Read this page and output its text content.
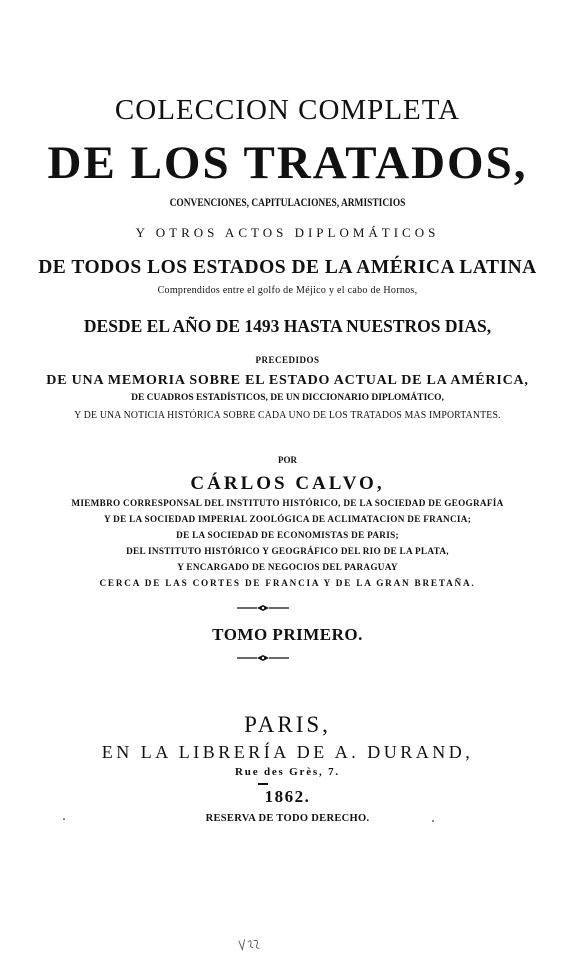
COLECCION COMPLETA
DE LOS TRATADOS,
CONVENCIONES, CAPITULACIONES, ARMISTICIOS
Y OTROS ACTOS DIPLOMÁTICOS
DE TODOS LOS ESTADOS DE LA AMÉRICA LATINA
Comprendidos entre el golfo de Méjico y el cabo de Hornos,
DESDE EL AÑO DE 1493 HASTA NUESTROS DIAS,
PRECEDIDOS
DE UNA MEMORIA SOBRE EL ESTADO ACTUAL DE LA AMÉRICA,
DE CUADROS ESTADÍSTICOS, DE UN DICCIONARIO DIPLOMÁTICO,
Y DE UNA NOTICIA HISTÓRICA SOBRE CADA UNO DE LOS TRATADOS MAS IMPORTANTES.
POR
CÁRLOS CALVO,
MIEMBRO CORRESPONSAL DEL INSTITUTO HISTÓRICO, DE LA SOCIEDAD DE GEOGRAFÍA
Y DE LA SOCIEDAD IMPERIAL ZOOLÓGICA DE ACLIMATACION DE FRANCIA;
DE LA SOCIEDAD DE ECONOMISTAS DE PARIS;
DEL INSTITUTO HISTÓRICO Y GEOGRÁFICO DEL RIO DE LA PLATA,
Y ENCARGADO DE NEGOCIOS DEL PARAGUAY
CERCA DE LAS CORTES DE FRANCIA Y DE LA GRAN BRETAÑA.
TOMO PRIMERO.
PARIS,
EN LA LIBRERÍA DE A. DURAND,
Rue des Grès, 7.
1862.
RESERVA DE TODO DERECHO.
